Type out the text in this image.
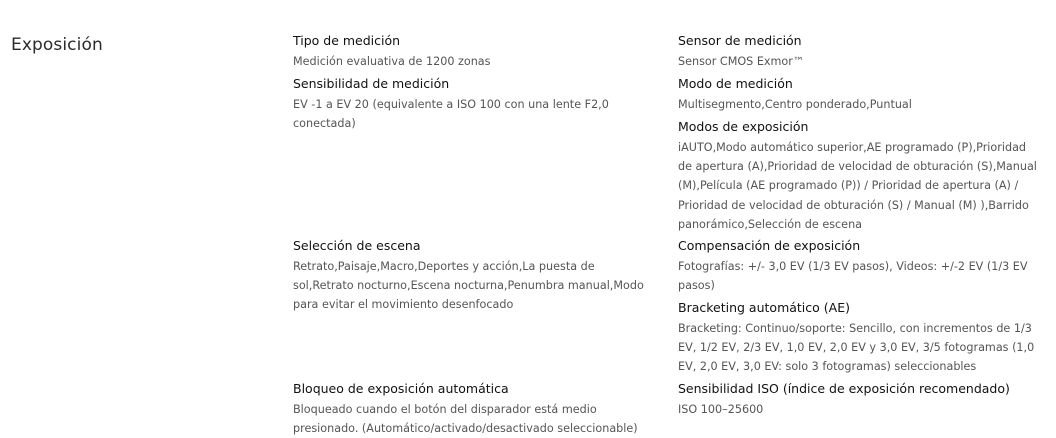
Exposición	Tipo de medición
Medición evaluativa de 1200 zonas
Sensibilidad de medición
EV -1 a EV 20 (equivalente a ISO 100 con una lente F2,0 conectada)
Selección de escena
Retrato,Paisaje,Macro,Deportes y acción,La puesta de sol,Retrato nocturno,Escena nocturna,Penumbra manual,Modo para evitar el movimiento desenfocado
Bloqueo de exposición automática
Bloqueado cuando el botón del disparador está medio presionado. (Automático/activado/desactivado seleccionable)
Sensor de medición
Sensor CMOS Exmor™
Modo de medición
Multisegmento,Centro ponderado,Puntual
Modos de exposición
iAUTO,Modo automático superior,AE programado (P),Prioridad de apertura (A),Prioridad de velocidad de obturación (S),Manual (M),Película (AE programado (P)) / Prioridad de apertura (A) / Prioridad de velocidad de obturación (S) / Manual (M) ),Barrido panorámico,Selección de escena
Compensación de exposición
Fotografías: +/- 3,0 EV (1/3 EV pasos), Videos: +/-2 EV (1/3 EV pasos)
Bracketing automático (AE)
Bracketing: Continuo/soporte: Sencillo, con incrementos de 1/3 EV, 1/2 EV, 2/3 EV, 1,0 EV, 2,0 EV y 3,0 EV, 3/5 fotogramas (1,0 EV, 2,0 EV, 3,0 EV: solo 3 fotogramas) seleccionables
Sensibilidad ISO (índice de exposición recomendado)
ISO 100–25600
